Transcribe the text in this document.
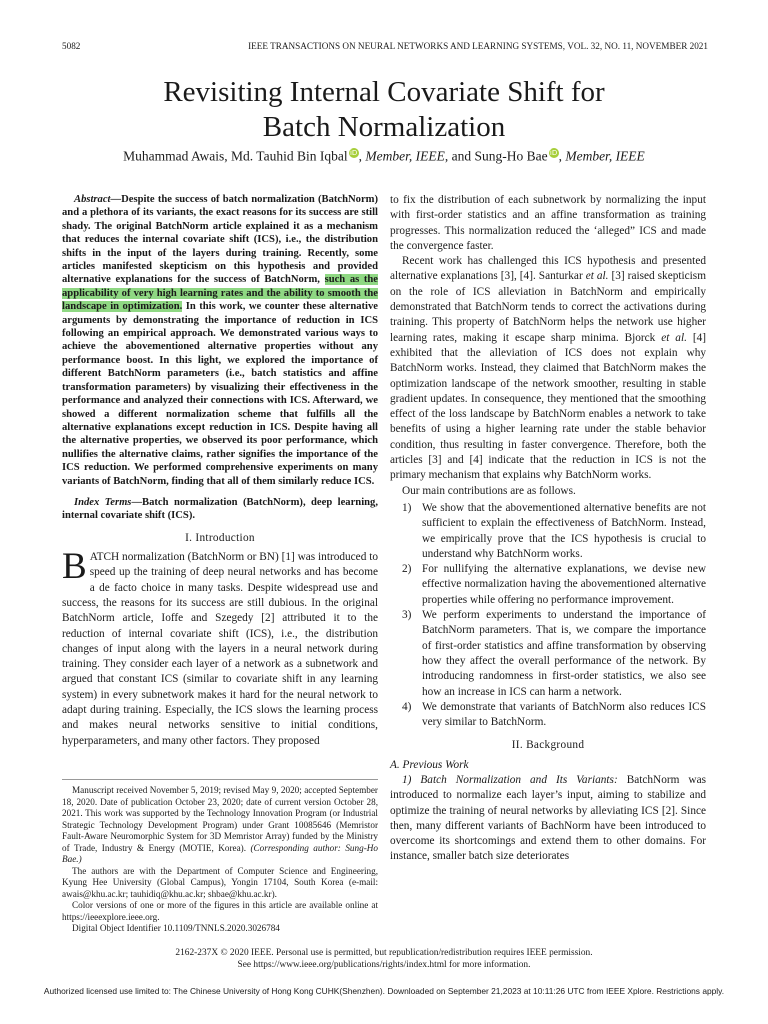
5082	IEEE TRANSACTIONS ON NEURAL NETWORKS AND LEARNING SYSTEMS, VOL. 32, NO. 11, NOVEMBER 2021
Revisiting Internal Covariate Shift for
Batch Normalization
Muhammad Awais, Md. Tauhid Bin Iqbal iD, Member, IEEE, and Sung-Ho Bae iD, Member, IEEE

Abstract—Despite the success of batch normalization (BatchNorm) and a plethora of its variants, the exact reasons for its success are still shady. The original BatchNorm article explained it as a mechanism that reduces the internal covariate shift (ICS), i.e., the distribution shifts in the input of the layers during training. Recently, some articles manifested skepticism on this hypothesis and provided alternative explanations for the success of BatchNorm, such as the applicability of very high learning rates and the ability to smooth the landscape in optimization. In this work, we counter these alternative arguments by demonstrating the importance of reduction in ICS following an empirical approach. We demonstrated various ways to achieve the abovementioned alternative properties without any performance boost. In this light, we explored the importance of different BatchNorm parameters (i.e., batch statistics and affine transformation parameters) by visualizing their effectiveness in the performance and analyzed their connections with ICS. Afterward, we showed a different normalization scheme that fulfills all the alternative explanations except reduction in ICS. Despite having all the alternative properties, we observed its poor performance, which nullifies the alternative claims, rather signifies the importance of the ICS reduction. We performed comprehensive experiments on many variants of BatchNorm, finding that all of them similarly reduce ICS.

Index Terms—Batch normalization (BatchNorm), deep learning, internal covariate shift (ICS).

I. Introduction

BATCH normalization (BatchNorm or BN) [1] was introduced to speed up the training of deep neural networks and has become a de facto choice in many tasks. Despite widespread use and success, the reasons for its success are still dubious. In the original BatchNorm article, Ioffe and Szegedy [2] attributed it to the reduction of internal covariate shift (ICS), i.e., the distribution changes of input along with the layers in a neural network during training. They consider each layer of a network as a subnetwork and argued that constant ICS (similar to covariate shift in any learning system) in every subnetwork makes it hard for the neural network to adapt during training. Especially, the ICS slows the learning process and makes neural networks sensitive to initial conditions, hyperparameters, and many other factors. They proposed

Manuscript received November 5, 2019; revised May 9, 2020; accepted September 18, 2020. Date of publication October 23, 2020; date of current version October 28, 2021. This work was supported by the Technology Innovation Program (or Industrial Strategic Technology Development Program) under Grant 10085646 (Memristor Fault-Aware Neuromorphic System for 3D Memristor Array) funded by the Ministry of Trade, Industry & Energy (MOTIE, Korea). (Corresponding author: Sung-Ho Bae.)

The authors are with the Department of Computer Science and Engineering, Kyung Hee University (Global Campus), Yongin 17104, South Korea (e-mail: awais@khu.ac.kr; tauhidiq@khu.ac.kr; shbae@khu.ac.kr).

Color versions of one or more of the figures in this article are available online at https://ieeexplore.ieee.org.

Digital Object Identifier 10.1109/TNNLS.2020.3026784

to fix the distribution of each subnetwork by normalizing the input with first-order statistics and an affine transformation as training progresses. This normalization reduced the ‘alleged” ICS and made the convergence faster.

Recent work has challenged this ICS hypothesis and presented alternative explanations [3], [4]. Santurkar et al. [3] raised skepticism on the role of ICS alleviation in BatchNorm and empirically demonstrated that BatchNorm tends to correct the activations during training. This property of BatchNorm helps the network use higher learning rates, making it escape sharp minima. Bjorck et al. [4] exhibited that the alleviation of ICS does not explain why BatchNorm works. Instead, they claimed that BatchNorm makes the optimization landscape of the network smoother, resulting in stable gradient updates. In consequence, they mentioned that the smoothing effect of the loss landscape by BatchNorm enables a network to take benefits of using a higher learning rate under the stable behavior condition, thus resulting in faster convergence. Therefore, both the articles [3] and [4] indicate that the reduction in ICS is not the primary mechanism that explains why BatchNorm works.

Our main contributions are as follows.

1) We show that the abovementioned alternative benefits are not sufficient to explain the effectiveness of BatchNorm. Instead, we empirically prove that the ICS hypothesis is crucial to understand why BatchNorm works.
2) For nullifying the alternative explanations, we devise new effective normalization having the abovementioned alternative properties while offering no performance improvement.
3) We perform experiments to understand the importance of BatchNorm parameters. That is, we compare the importance of first-order statistics and affine transformation by observing how they affect the overall performance of the network. By introducing randomness in first-order statistics, we also see how an increase in ICS can harm a network.
4) We demonstrate that variants of BatchNorm also reduces ICS very similar to BatchNorm.
II. Background
A. Previous Work

1) Batch Normalization and Its Variants: BatchNorm was introduced to normalize each layer’s input, aiming to stabilize and optimize the training of neural networks by alleviating ICS [2]. Since then, many different variants of BachNorm have been introduced to overcome its shortcomings and extend them to other domains. For instance, smaller batch size deteriorates

2162-237X © 2020 IEEE. Personal use is permitted, but republication/redistribution requires IEEE permission.
See https://www.ieee.org/publications/rights/index.html for more information.
Authorized licensed use limited to: The Chinese University of Hong Kong CUHK(Shenzhen). Downloaded on September 21,2023 at 10:11:26 UTC from IEEE Xplore. Restrictions apply.
